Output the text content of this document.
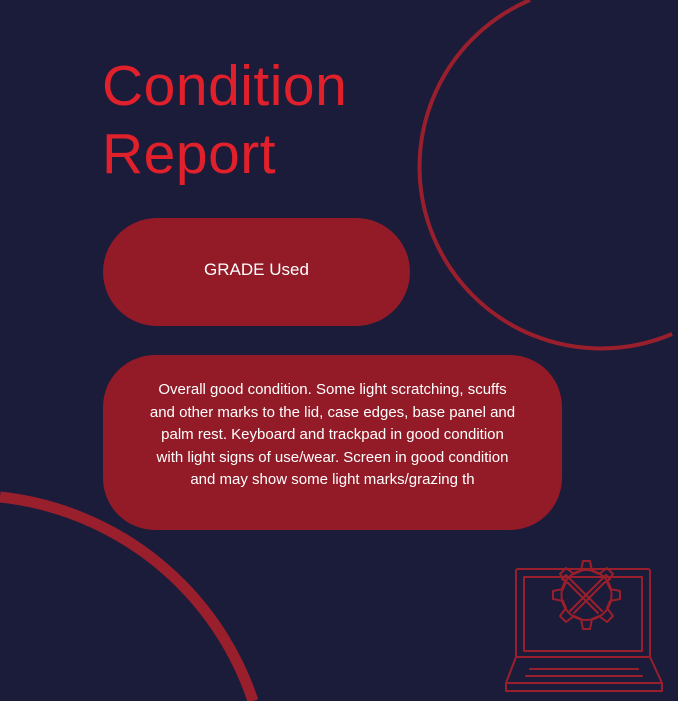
Condition
Report
GRADE
Used
Overall good condition. Some light scratching, scuffs and other marks to the lid, case edges, base panel and palm rest. Keyboard and trackpad in good condition with light signs of use/wear. Screen in good condition and may show some light marks/grazing th
